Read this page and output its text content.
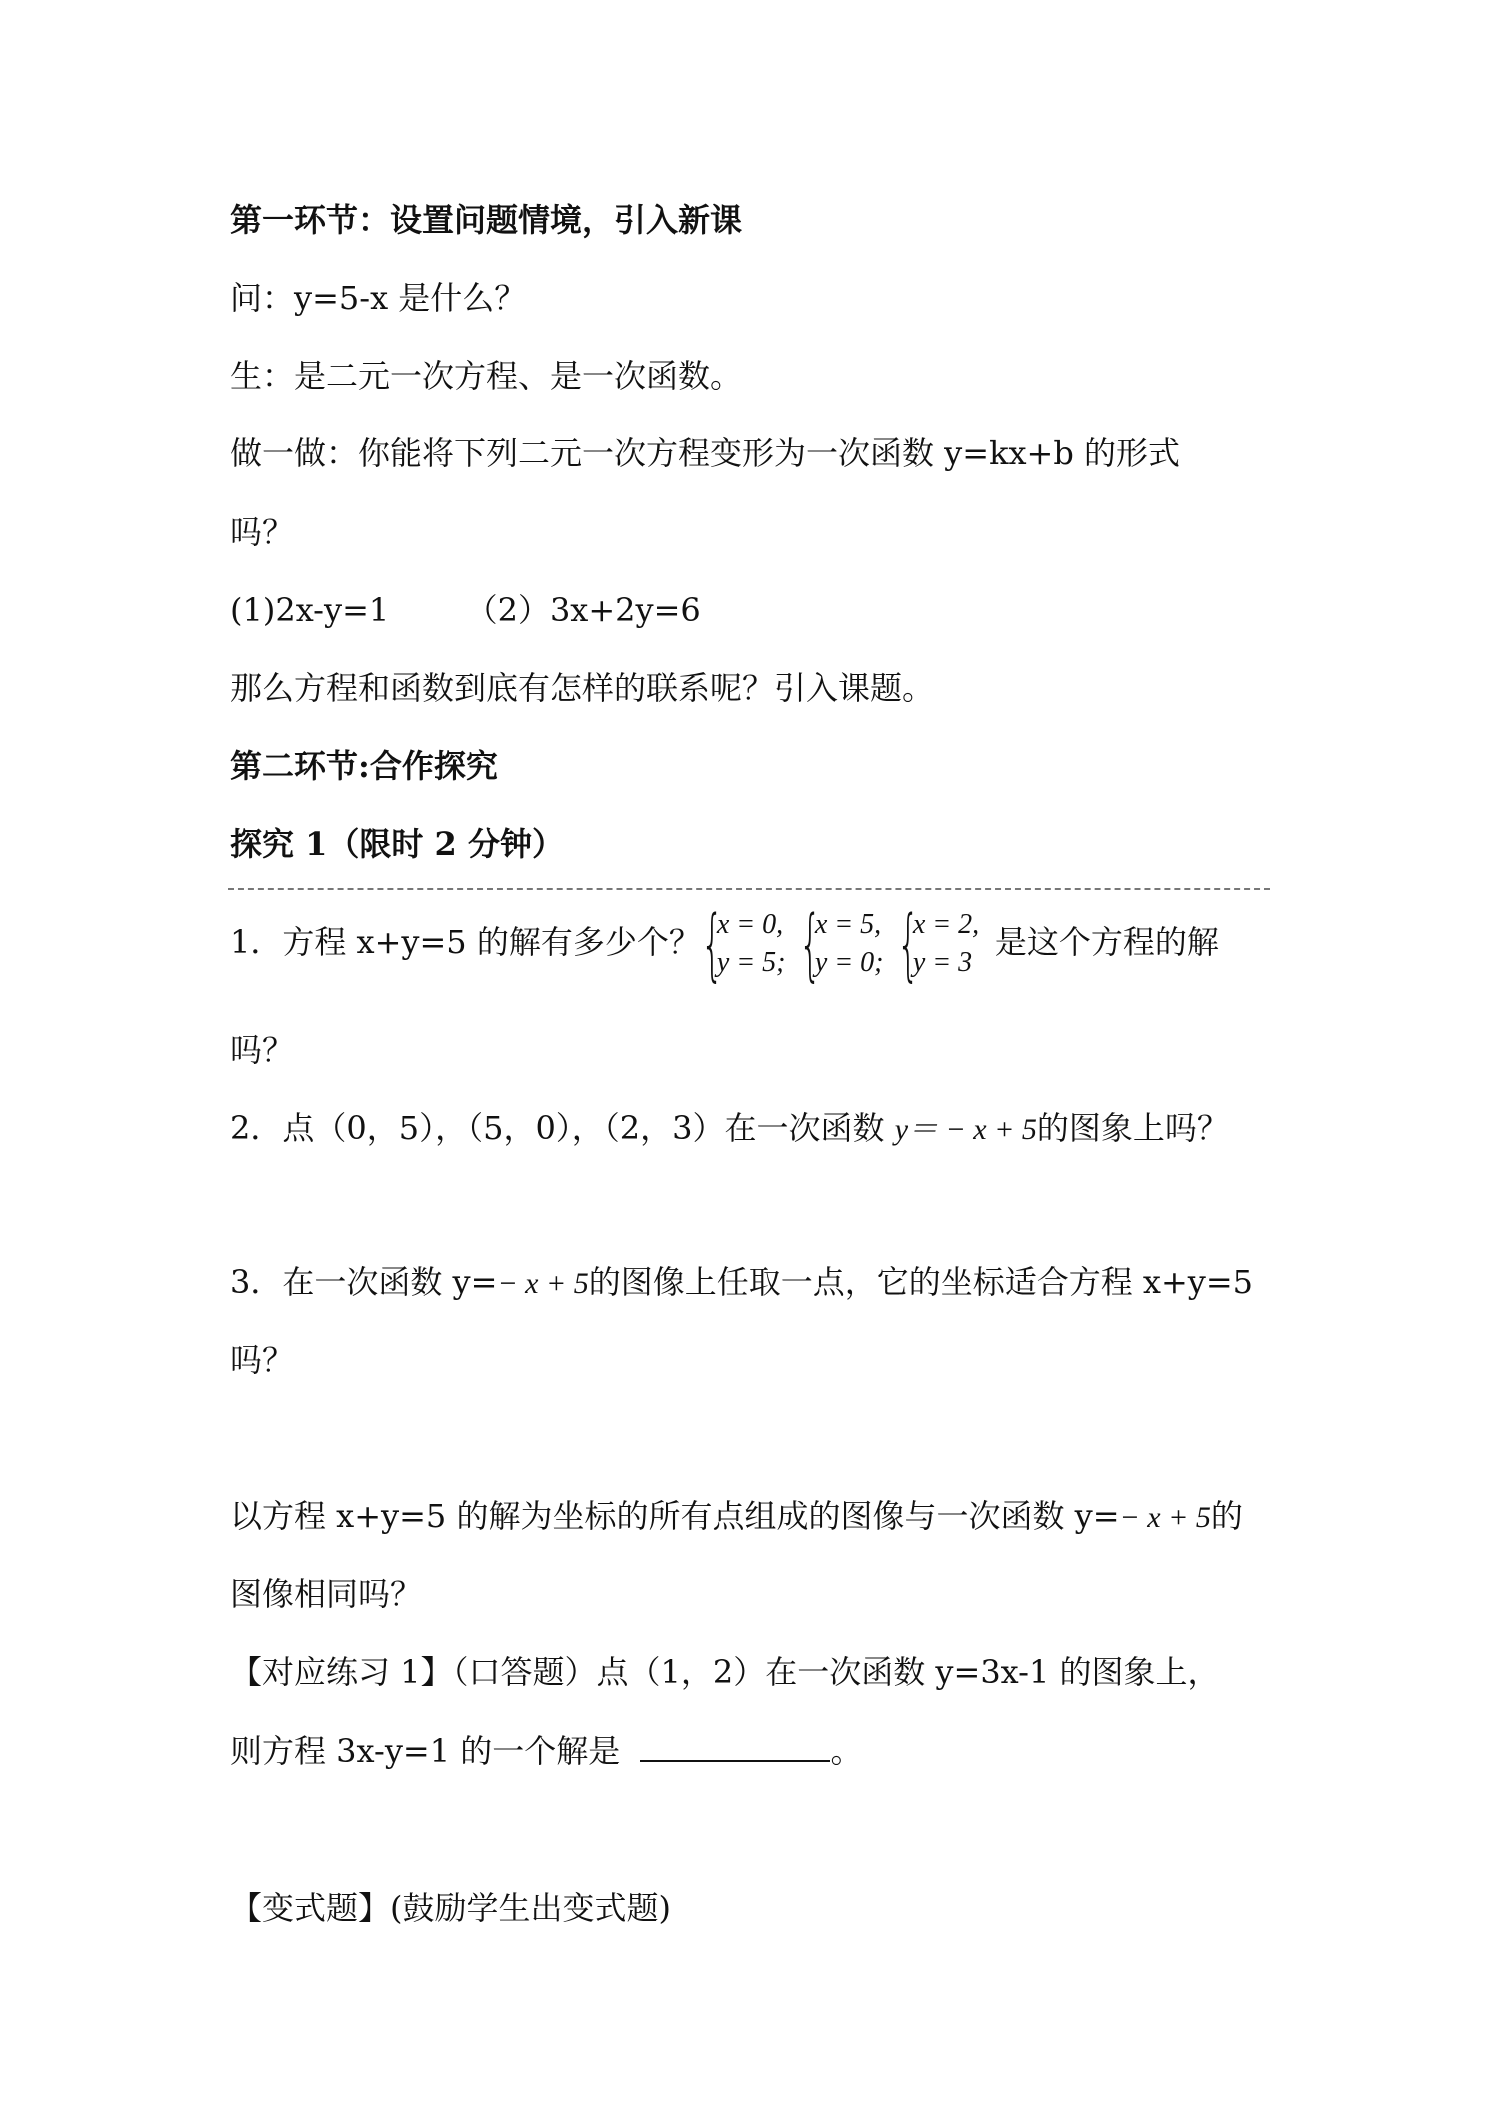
第一环节：设置问题情境，引入新课
问：y=5-x 是什么？
生：是二元一次方程、是一次函数。
做一做：你能将下列二元一次方程变形为一次函数 y=kx+b 的形式
吗？
(1)2x-y=1 （2）3x+2y=6
那么方程和函数到底有怎样的联系呢？引入课题。
第二环节:合作探究
探究 1（限时 2 分钟）
1．方程 x+y=5 的解有多少个？ {
x = 0,
y = 5; {
x = 5,
y = 0; {
x = 2,
y = 3
是这个方程的解
吗？
2．点（0，5），（5，0），（2，3）在一次函数 y＝ − x + 5的图象上吗？
3．在一次函数 y=− x + 5的图像上任取一点，它的坐标适合方程 x+y=5
吗？
以方程 x+y=5 的解为坐标的所有点组成的图像与一次函数 y=− x + 5的
图像相同吗？
【对应练习 1】（口答题）点（1，2）在一次函数 y=3x-1 的图象上，
则方程 3x-y=1 的一个解是	。
【变式题】(鼓励学生出变式题)
